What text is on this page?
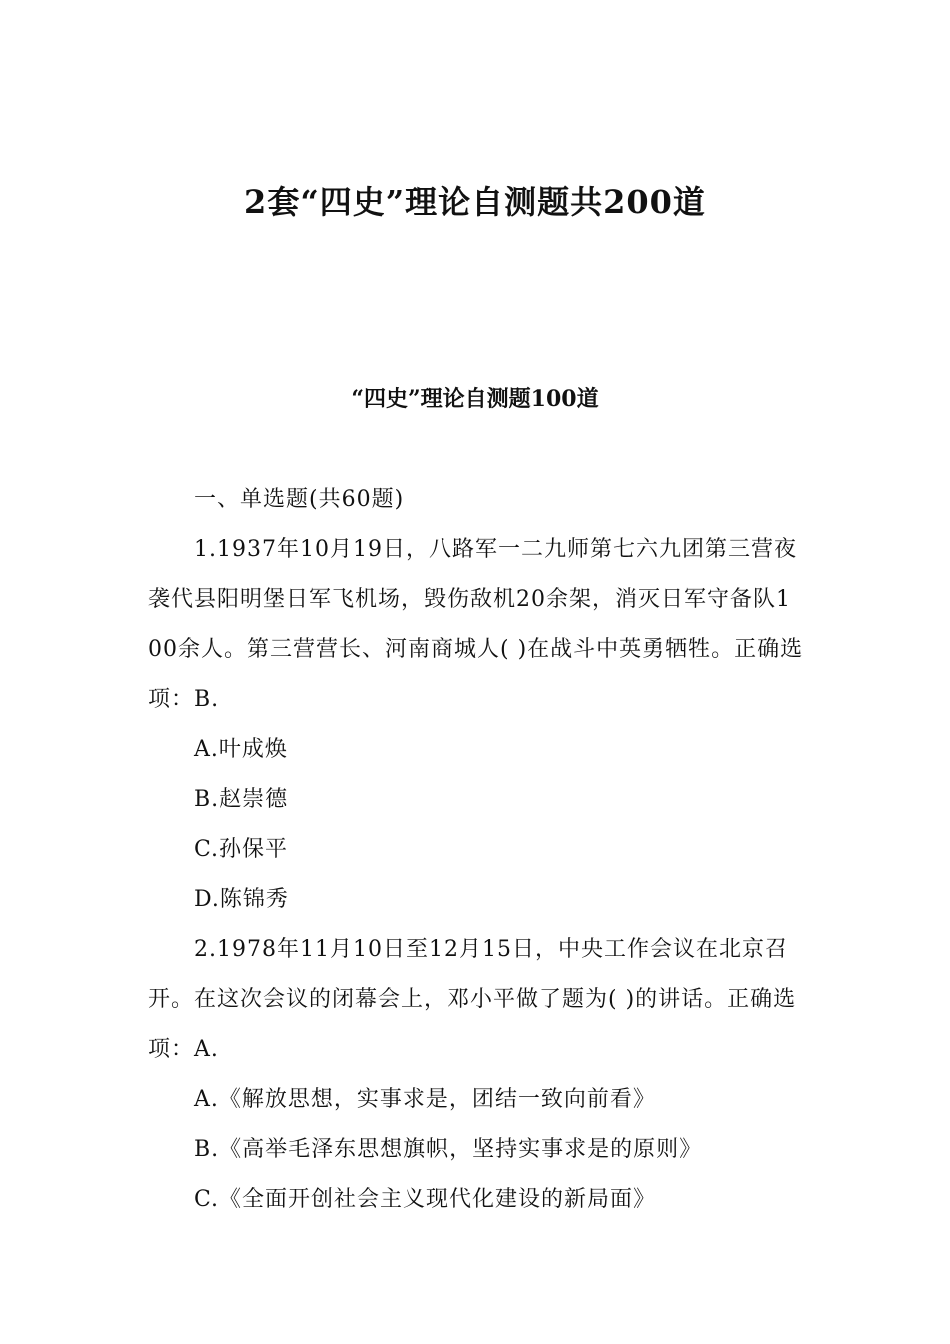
2套“四史”理论自测题共200道
“四史”理论自测题100道

一、单选题(共60题)

1.1937年10月19日，八路军一二九师第七六九团第三营夜袭代县阳明堡日军飞机场，毁伤敌机20余架，消灭日军守备队100余人。第三营营长、河南商城人( )在战斗中英勇牺牲。正确选项：B.

A.叶成焕

B.赵崇德

C.孙保平

D.陈锦秀

2.1978年11月10日至12月15日，中央工作会议在北京召开。在这次会议的闭幕会上，邓小平做了题为( )的讲话。正确选项：A.

A.《解放思想，实事求是，团结一致向前看》

B.《高举毛泽东思想旗帜，坚持实事求是的原则》

C.《全面开创社会主义现代化建设的新局面》
